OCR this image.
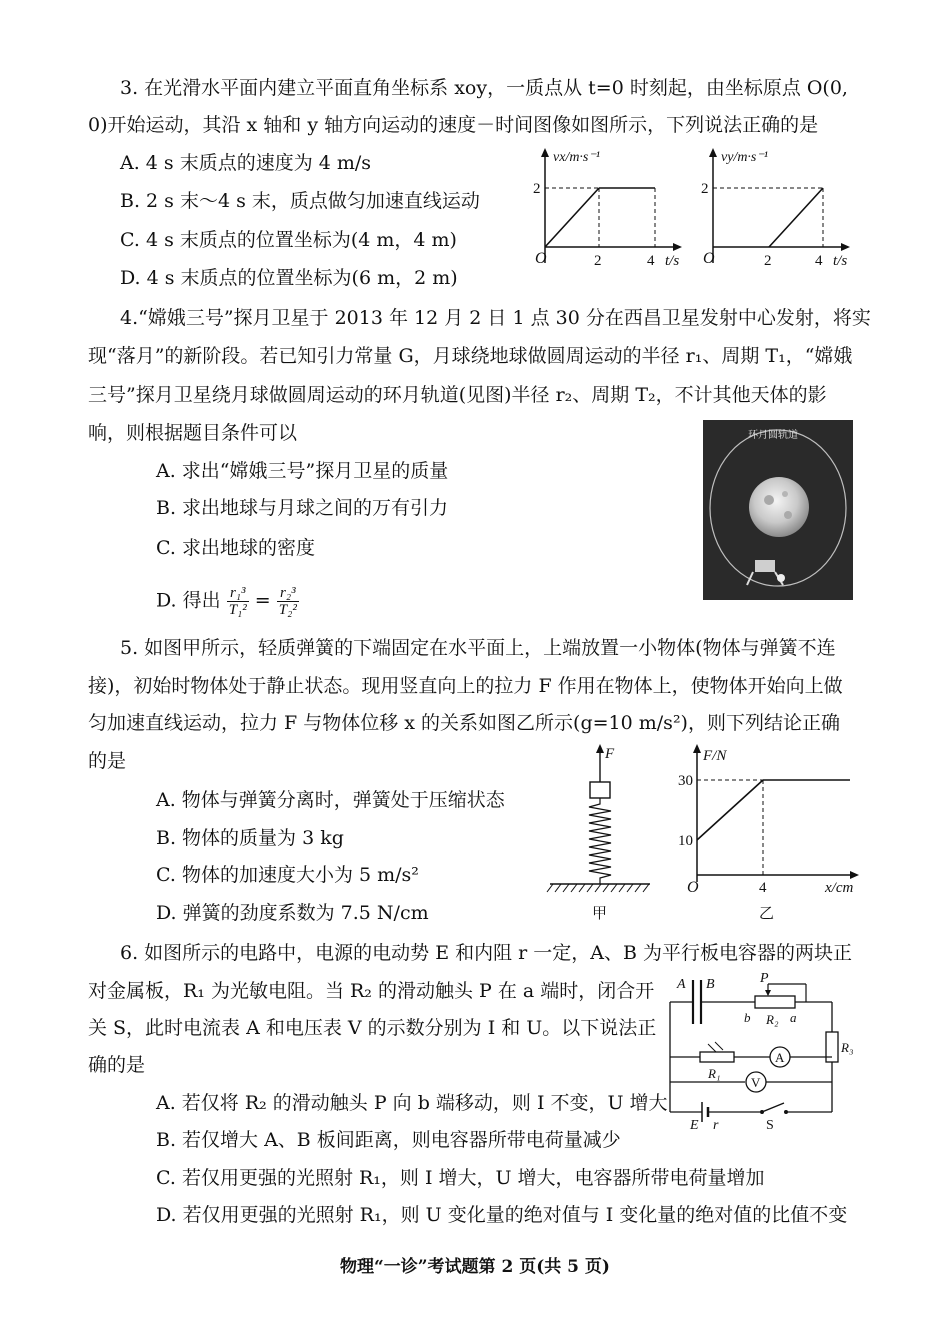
3. 在光滑水平面内建立平面直角坐标系 xoy，一质点从 t=0 时刻起，由坐标原点 O(0,
0)开始运动，其沿 x 轴和 y 轴方向运动的速度－时间图像如图所示，下列说法正确的是
A. 4 s 末质点的速度为 4 m/s
B. 2 s 末～4 s 末，质点做匀加速直线运动
C. 4 s 末质点的位置坐标为(4 m，4 m)
D. 4 s 末质点的位置坐标为(6 m，2 m)
vx/m·s⁻¹
2
O	2	4 t/s
vy/m·s⁻¹
2
O	2	4 t/s
4.“嫦娥三号”探月卫星于 2013 年 12 月 2 日 1 点 30 分在西昌卫星发射中心发射，将实
现“落月”的新阶段。若已知引力常量 G，月球绕地球做圆周运动的半径 r₁、周期 T₁，“嫦娥
三号”探月卫星绕月球做圆周运动的环月轨道(见图)半径 r₂、周期 T₂，不计其他天体的影
响，则根据题目条件可以
A. 求出“嫦娥三号”探月卫星的质量
B. 求出地球与月球之间的万有引力
C. 求出地球的密度
D. 得出 $\frac{\text{r₁³}}{\text{T₁²}} = \frac{\text{r₂³}}{\text{T₂²}}$
环月圆轨道
5. 如图甲所示，轻质弹簧的下端固定在水平面上，上端放置一小物体(物体与弹簧不连
接)，初始时物体处于静止状态。现用竖直向上的拉力 F 作用在物体上，使物体开始向上做
匀加速直线运动，拉力 F 与物体位移 x 的关系如图乙所示(g=10 m/s²)，则下列结论正确
的是
A. 物体与弹簧分离时，弹簧处于压缩状态
B. 物体的质量为 3 kg
C. 物体的加速度大小为 5 m/s²
D. 弹簧的劲度系数为 7.5 N/cm
F
甲
F/N
30
10
O	4	x/cm
乙
6. 如图所示的电路中，电源的电动势 E 和内阻 r 一定，A、B 为平行板电容器的两块正
对金属板，R₁ 为光敏电阻。当 R₂ 的滑动触头 P 在 a 端时，闭合开
关 S，此时电流表 A 和电压表 V 的示数分别为 I 和 U。以下说法正
确的是
A. 若仅将 R₂ 的滑动触头 P 向 b 端移动，则 I 不变，U 增大
B. 若仅增大 A、B 板间距离，则电容器所带电荷量减少
C. 若仅用更强的光照射 R₁，则 I 增大，U 增大，电容器所带电荷量增加
D. 若仅用更强的光照射 R₁，则 U 变化量的绝对值与 I 变化量的绝对值的比值不变
A B	P
b R₂ a
R₃
R₁
A
V
E r	S
物理“一诊”考试题第 2 页(共 5 页)
